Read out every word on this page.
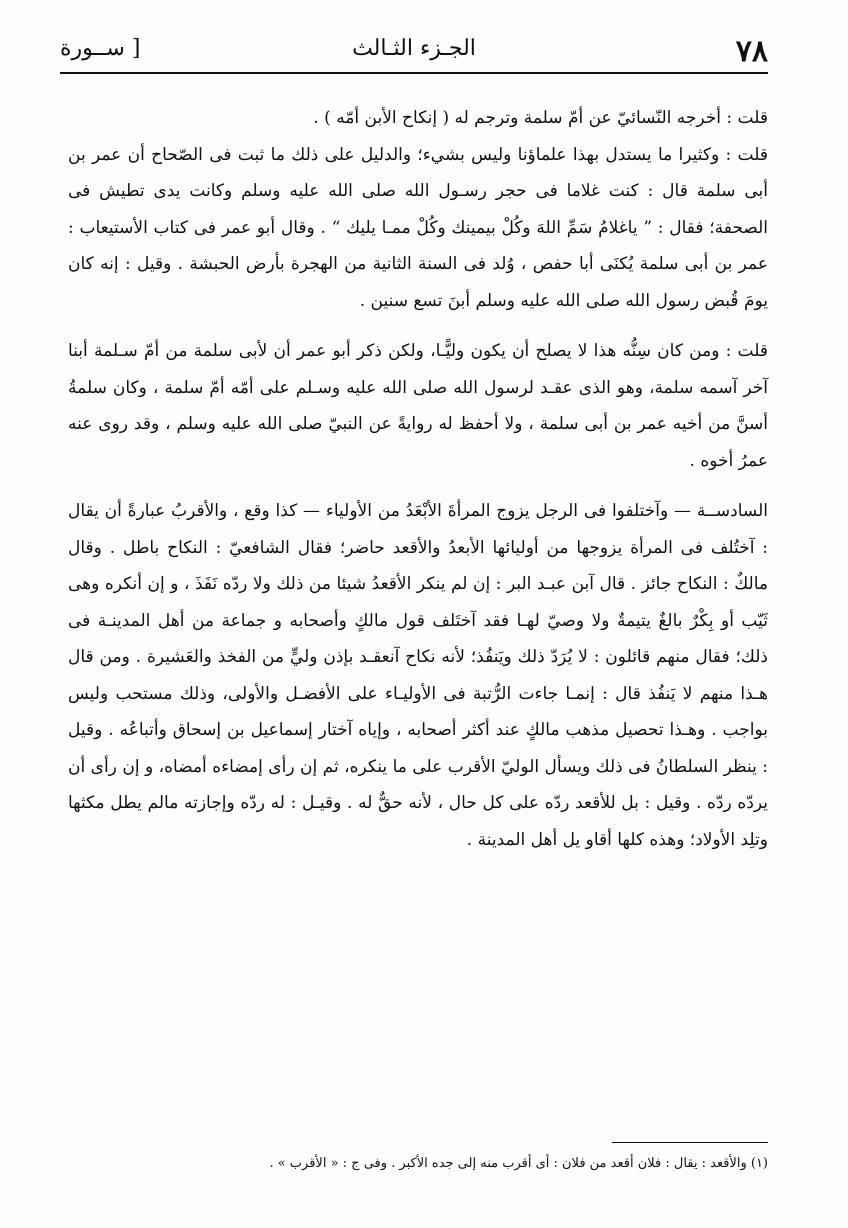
٧٨
الجـزء الثـالث
[ ســورة

قلت : أخرجه النّسائيّ عن أمّ سلمة وترجم له ( إنكاح الأبن أمّه ) .

قلت : وكثيرا ما يستدل بهذا علماؤنا وليس بشيء؛ والدليل على ذلك ما ثبت فى الصّحاح أن عمر بن أبى سلمة قال : كنت غلاما فى حجر رسـول الله صلى الله عليه وسلم وكانت يدى تطيش فى الصحفة؛ فقال : ” ياغلامُ سَمِّ اللهَ وكُلْ بيمينك وكُلْ ممـا يليك “ . وقال أبو عمر فى كتاب الأستيعاب : عمر بن أبى سلمة يُكنَى أبا حفص ، وُلد فى السنة الثانية من الهجرة بأرض الحبشة . وقيل : إنه كان يومَ قُبض رسول الله صلى الله عليه وسلم أبنَ تسع سنين .

قلت : ومن كان سِنُّه هذا لا يصلح أن يكون وليًّـا، ولكن ذكر أبو عمر أن لأبى سلمة من أمّ سـلمة أبنا آخر آسمه سلمة، وهو الذى عقـد لرسول الله صلى الله عليه وسـلم على أمّه أمّ سلمة ، وكان سلمةُ أسنَّ من أخيه عمر بن أبى سلمة ، ولا أحفظ له روايةً عن النبيّ صلى الله عليه وسلم ، وقد روى عنه عمرُ أخوه .

السادســة — وآختلفوا فى الرجل يزوج المرأةَ الأبْعَدُ من الأولياء — كذا وقع ، والأقربُ عبارةً أن يقال : آختُلف فى المرأة يزوجها من أوليائها الأبعدُ والأقعد حاضر؛ فقال الشافعيّ : النكاح باطل . وقال مالكٌ : النكاح جائز . قال آبن عبـد البر : إن لم ينكر الأقعدُ شيئا من ذلك ولا ردّه نَفَذَ ، و إن أنكره وهى ثَيّب أو بِكْرٌ بالغٌ يتيمةٌ ولا وصيّ لهـا فقد آختَلف قول مالكٍ وأصحابه و جماعة من أهل المدينـة فى ذلك؛ فقال منهم قائلون : لا يُرَدّ ذلك ويَنفُذ؛ لأنه نكاح آنعقـد بإذن وليٍّ من الفخذ والعَشيرة . ومن قال هـذا منهم لا يَنفُذ قال : إنمـا جاءت الرُّتبة فى الأوليـاء على الأفضـل والأولى، وذلك مستحب وليس بواجب . وهـذا تحصيل مذهب مالكٍ عند أكثر أصحابه ، وإياه آختار إسماعيل بن إسحاق وأتباعُه . وقيل : ينظر السلطانُ فى ذلك ويسأل الوليّ الأقرب على ما ينكره، ثم إن رأى إمضاءه أمضاه، و إن رأى أن يردّه ردّه . وقيل : بل للأقعد ردّه على كل حال ، لأنه حقٌّ له . وقيـل : له ردّه وإجازته مالم يطل مكثها وتلِد الأولاد؛ وهذه كلها أقاو يل أهل المدينة .

(١) والأقعد : يقال : فلان أقعد من فلان : أى أقرب منه إلى جده الأكبر . وفى ج : « الأقرب » .
